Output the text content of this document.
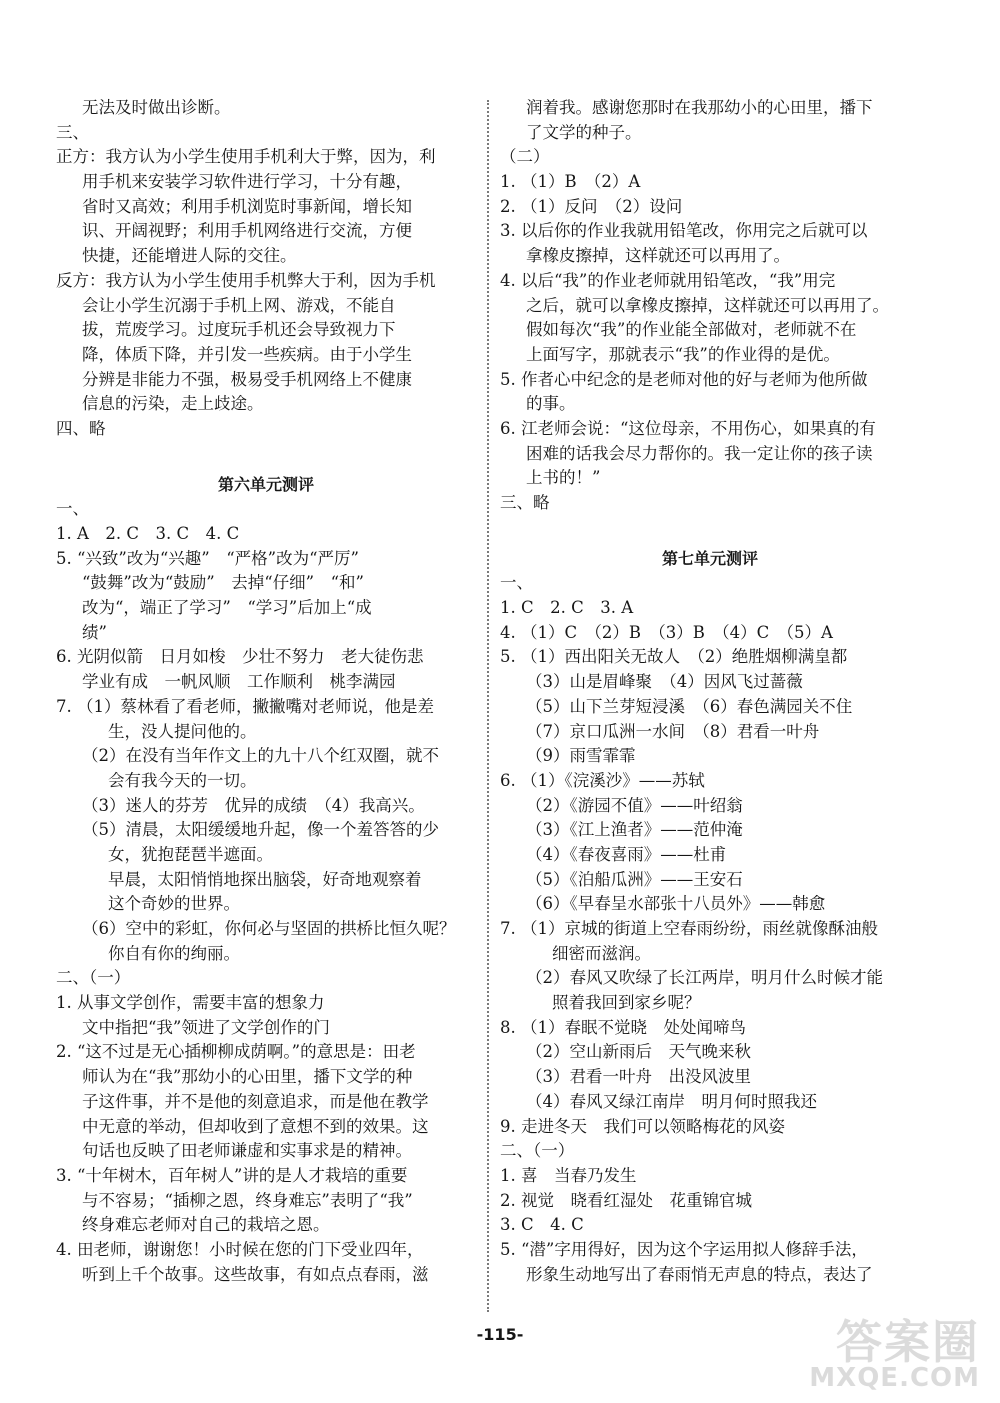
无法及时做出诊断。
三、
正方：我方认为小学生使用手机利大于弊，因为，利
用手机来安装学习软件进行学习，十分有趣，
省时又高效；利用手机浏览时事新闻，增长知
识、开阔视野；利用手机网络进行交流，方便
快捷，还能增进人际的交往。
反方：我方认为小学生使用手机弊大于利，因为手机
会让小学生沉溺于手机上网、游戏，不能自
拔，荒废学习。过度玩手机还会导致视力下
降，体质下降，并引发一些疾病。由于小学生
分辨是非能力不强，极易受手机网络上不健康
信息的污染，走上歧途。
四、略
第六单元测评
一、
1. A　2. C　3. C　4. C
5. “兴致”改为“兴趣”　“严格”改为“严厉”
“鼓舞”改为“鼓励”　去掉“仔细”　“和”
改为“，端正了学习”　“学习”后加上“成
绩”
6. 光阴似箭　日月如梭　少壮不努力　老大徒伤悲
学业有成　一帆风顺　工作顺利　桃李满园
7. （1）蔡林看了看老师，撇撇嘴对老师说，他是差
生，没人提问他的。
（2）在没有当年作文上的九十八个红双圈，就不
会有我今天的一切。
（3）迷人的芬芳　优异的成绩　（4）我高兴。
（5）清晨，太阳缓缓地升起，像一个羞答答的少
女，犹抱琵琶半遮面。
早晨，太阳悄悄地探出脑袋，好奇地观察着
这个奇妙的世界。
（6）空中的彩虹，你何必与坚固的拱桥比恒久呢？
你自有你的绚丽。
二、（一）
1. 从事文学创作，需要丰富的想象力
文中指把“我”领进了文学创作的门
2. “这不过是无心插柳柳成荫啊。”的意思是：田老
师认为在“我”那幼小的心田里，播下文学的种
子这件事，并不是他的刻意追求，而是他在教学
中无意的举动，但却收到了意想不到的效果。这
句话也反映了田老师谦虚和实事求是的精神。
3. “十年树木，百年树人”讲的是人才栽培的重要
与不容易；“插柳之恩，终身难忘”表明了“我”
终身难忘老师对自己的栽培之恩。
4. 田老师，谢谢您！小时候在您的门下受业四年，
听到上千个故事。这些故事，有如点点春雨，滋
润着我。感谢您那时在我那幼小的心田里，播下
了文学的种子。
（二）
1. （1）B　（2）A
2. （1）反问　（2）设问
3. 以后你的作业我就用铅笔改，你用完之后就可以
拿橡皮擦掉，这样就还可以再用了。
4. 以后“我”的作业老师就用铅笔改，“我”用完
之后，就可以拿橡皮擦掉，这样就还可以再用了。
假如每次“我”的作业能全部做对，老师就不在
上面写字，那就表示“我”的作业得的是优。
5. 作者心中纪念的是老师对他的好与老师为他所做
的事。
6. 江老师会说：“这位母亲，不用伤心，如果真的有
困难的话我会尽力帮你的。我一定让你的孩子读
上书的！”
三、略
第七单元测评
一、
1. C　2. C　3. A
4. （1）C　（2）B　（3）B　（4）C　（5）A
5. （1）西出阳关无故人　（2）绝胜烟柳满皇都
（3）山是眉峰聚　（4）因风飞过蔷薇
（5）山下兰芽短浸溪　（6）春色满园关不住
（7）京口瓜洲一水间　（8）君看一叶舟
（9）雨雪霏霏
6. （1）《浣溪沙》——苏轼
（2）《游园不值》——叶绍翁
（3）《江上渔者》——范仲淹
（4）《春夜喜雨》——杜甫
（5）《泊船瓜洲》——王安石
（6）《早春呈水部张十八员外》——韩愈
7. （1）京城的街道上空春雨纷纷，雨丝就像酥油般
细密而滋润。
（2）春风又吹绿了长江两岸，明月什么时候才能
照着我回到家乡呢？
8. （1）春眠不觉晓　处处闻啼鸟
（2）空山新雨后　天气晚来秋
（3）君看一叶舟　出没风波里
（4）春风又绿江南岸　明月何时照我还
9. 走进冬天　我们可以领略梅花的风姿
二、（一）
1. 喜　当春乃发生
2. 视觉　晓看红湿处　花重锦官城
3. C　4. C
5. “潜”字用得好，因为这个字运用拟人修辞手法，
形象生动地写出了春雨悄无声息的特点，表达了
-115-	答案圈
MXQE.COM
